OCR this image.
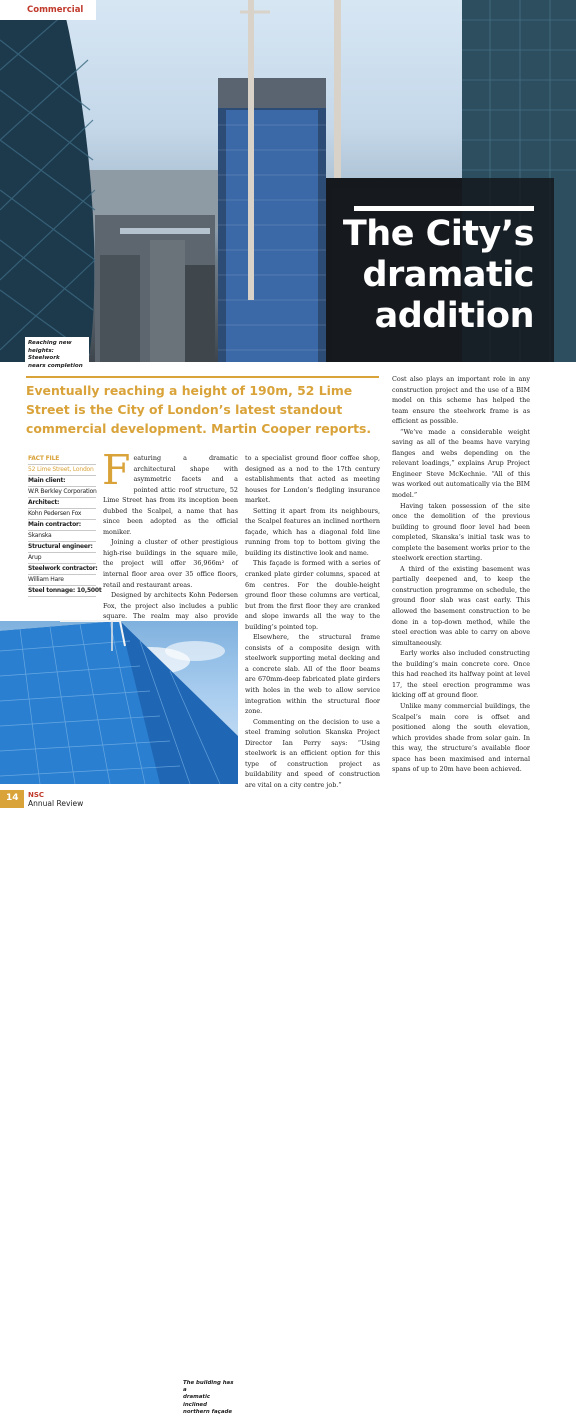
Commercial
The City’s
dramatic
addition
Reaching new
heights: Steelwork
nears completion
Eventually reaching a height of 190m, 52 Lime Street is the City of London’s latest standout commercial development. Martin Cooper reports.
FACT FILE
52 Lime Street, London
Main client:
W.R Berkley Corporation
Architect:
Kohn Pedersen Fox
Main contractor:
Skanska
Structural engineer:
Arup
Steelwork contractor:
William Hare
Steel tonnage: 10,500t

Featuring a dramatic architectural shape with asymmetric facets and a pointed attic roof structure, 52 Lime Street has from its inception been dubbed the Scalpel, a name that has since been adopted as the official moniker.

Joining a cluster of other prestigious high-rise buildings in the square mile, the project will offer 36,966m² of internal floor area over 35 office floors, retail and restaurant areas.

Designed by architects Kohn Pedersen Fox, the project also includes a public square. The realm may also provide

to a specialist ground floor coffee shop, designed as a nod to the 17th century establishments that acted as meeting houses for London’s fledgling insurance market.

Setting it apart from its neighbours, the Scalpel features an inclined northern façade, which has a diagonal fold line running from top to bottom giving the building its distinctive look and name.

This façade is formed with a series of cranked plate girder columns, spaced at 6m centres. For the double-height ground floor these columns are vertical, but from the first floor they are cranked and slope inwards all the way to the building’s pointed top.

Elsewhere, the structural frame consists of a composite design with steelwork supporting metal decking and a concrete slab. All of the floor beams are 670mm-deep fabricated plate girders with holes in the web to allow service integration within the structural floor zone.

Commenting on the decision to use a steel framing solution Skanska Project Director Ian Perry says: “Using steelwork is an efficient option for this type of construction project as buildability and speed of construction are vital on a city centre job.”

Cost also plays an important role in any construction project and the use of a BIM model on this scheme has helped the team ensure the steelwork frame is as efficient as possible.

“We’ve made a considerable weight saving as all of the beams have varying flanges and webs depending on the relevant loadings,” explains Arup Project Engineer Steve McKechnie. “All of this was worked out automatically via the BIM model.”

Having taken possession of the site once the demolition of the previous building to ground floor level had been completed, Skanska’s initial task was to complete the basement works prior to the steelwork erection starting.

A third of the existing basement was partially deepened and, to keep the construction programme on schedule, the ground floor slab was cast early. This allowed the basement construction to be done in a top-down method, while the steel erection was able to carry on above simultaneously.

Early works also included constructing the building’s main concrete core. Once this had reached its halfway point at level 17, the steel erection programme was kicking off at ground floor.

Unlike many commercial buildings, the Scalpel’s main core is offset and positioned along the south elevation, which provides shade from solar gain. In this way, the structure’s available floor space has been maximised and internal spans of up to 20m have been achieved.

The building has a
dramatic inclined
northern façade
14	NSC
Annual Review
